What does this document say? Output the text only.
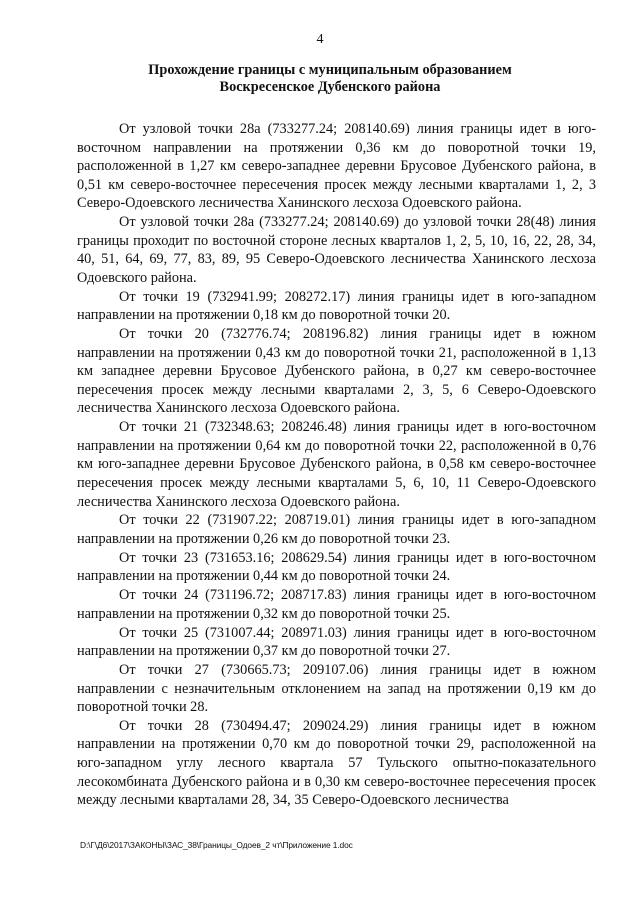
4
Прохождение границы с муниципальным образованием
Воскресенское Дубенского района

От узловой точки 28а (733277.24; 208140.69) линия границы идет в юго-восточном направлении на протяжении 0,36 км до поворотной точки 19, расположенной в 1,27 км северо-западнее деревни Брусовое Дубенского района, в 0,51 км северо-восточнее пересечения просек между лесными кварталами 1, 2, 3 Северо-Одоевского лесничества Ханинского лесхоза Одоевского района.

От узловой точки 28а (733277.24; 208140.69) до узловой точки 28(48) линия границы проходит по восточной стороне лесных кварталов 1, 2, 5, 10, 16, 22, 28, 34, 40, 51, 64, 69, 77, 83, 89, 95 Северо-Одоевского лесничества Ханинского лесхоза Одоевского района.

От точки 19 (732941.99; 208272.17) линия границы идет в юго-западном направлении на протяжении 0,18 км до поворотной точки 20.

От точки 20 (732776.74; 208196.82) линия границы идет в южном направлении на протяжении 0,43 км до поворотной точки 21, расположенной в 1,13 км западнее деревни Брусовое Дубенского района, в 0,27 км северо-восточнее пересечения просек между лесными кварталами 2, 3, 5, 6 Северо-Одоевского лесничества Ханинского лесхоза Одоевского района.

От точки 21 (732348.63; 208246.48) линия границы идет в юго-восточном направлении на протяжении 0,64 км до поворотной точки 22, расположенной в 0,76 км юго-западнее деревни Брусовое Дубенского района, в 0,58 км северо-восточнее пересечения просек между лесными кварталами 5, 6, 10, 11 Северо-Одоевского лесничества Ханинского лесхоза Одоевского района.

От точки 22 (731907.22; 208719.01) линия границы идет в юго-западном направлении на протяжении 0,26 км до поворотной точки 23.

От точки 23 (731653.16; 208629.54) линия границы идет в юго-восточном направлении на протяжении 0,44 км до поворотной точки 24.

От точки 24 (731196.72; 208717.83) линия границы идет в юго-восточном направлении на протяжении 0,32 км до поворотной точки 25.

От точки 25 (731007.44; 208971.03) линия границы идет в юго-восточном направлении на протяжении 0,37 км до поворотной точки 27.

От точки 27 (730665.73; 209107.06) линия границы идет в южном направлении с незначительным отклонением на запад на протяжении 0,19 км до поворотной точки 28.

От точки 28 (730494.47; 209024.29) линия границы идет в южном направлении на протяжении 0,70 км до поворотной точки 29, расположенной на юго-западном углу лесного квартала 57 Тульского опытно-показательного лесокомбината Дубенского района и в 0,30 км северо-восточнее пересечения просек между лесными кварталами 28, 34, 35 Северо-Одоевского лесничества

D:\Г\Д6\2017\ЗАКОНЫ\ЗАС_38\Границы_Одоев_2 чт\Приложение 1.doc
